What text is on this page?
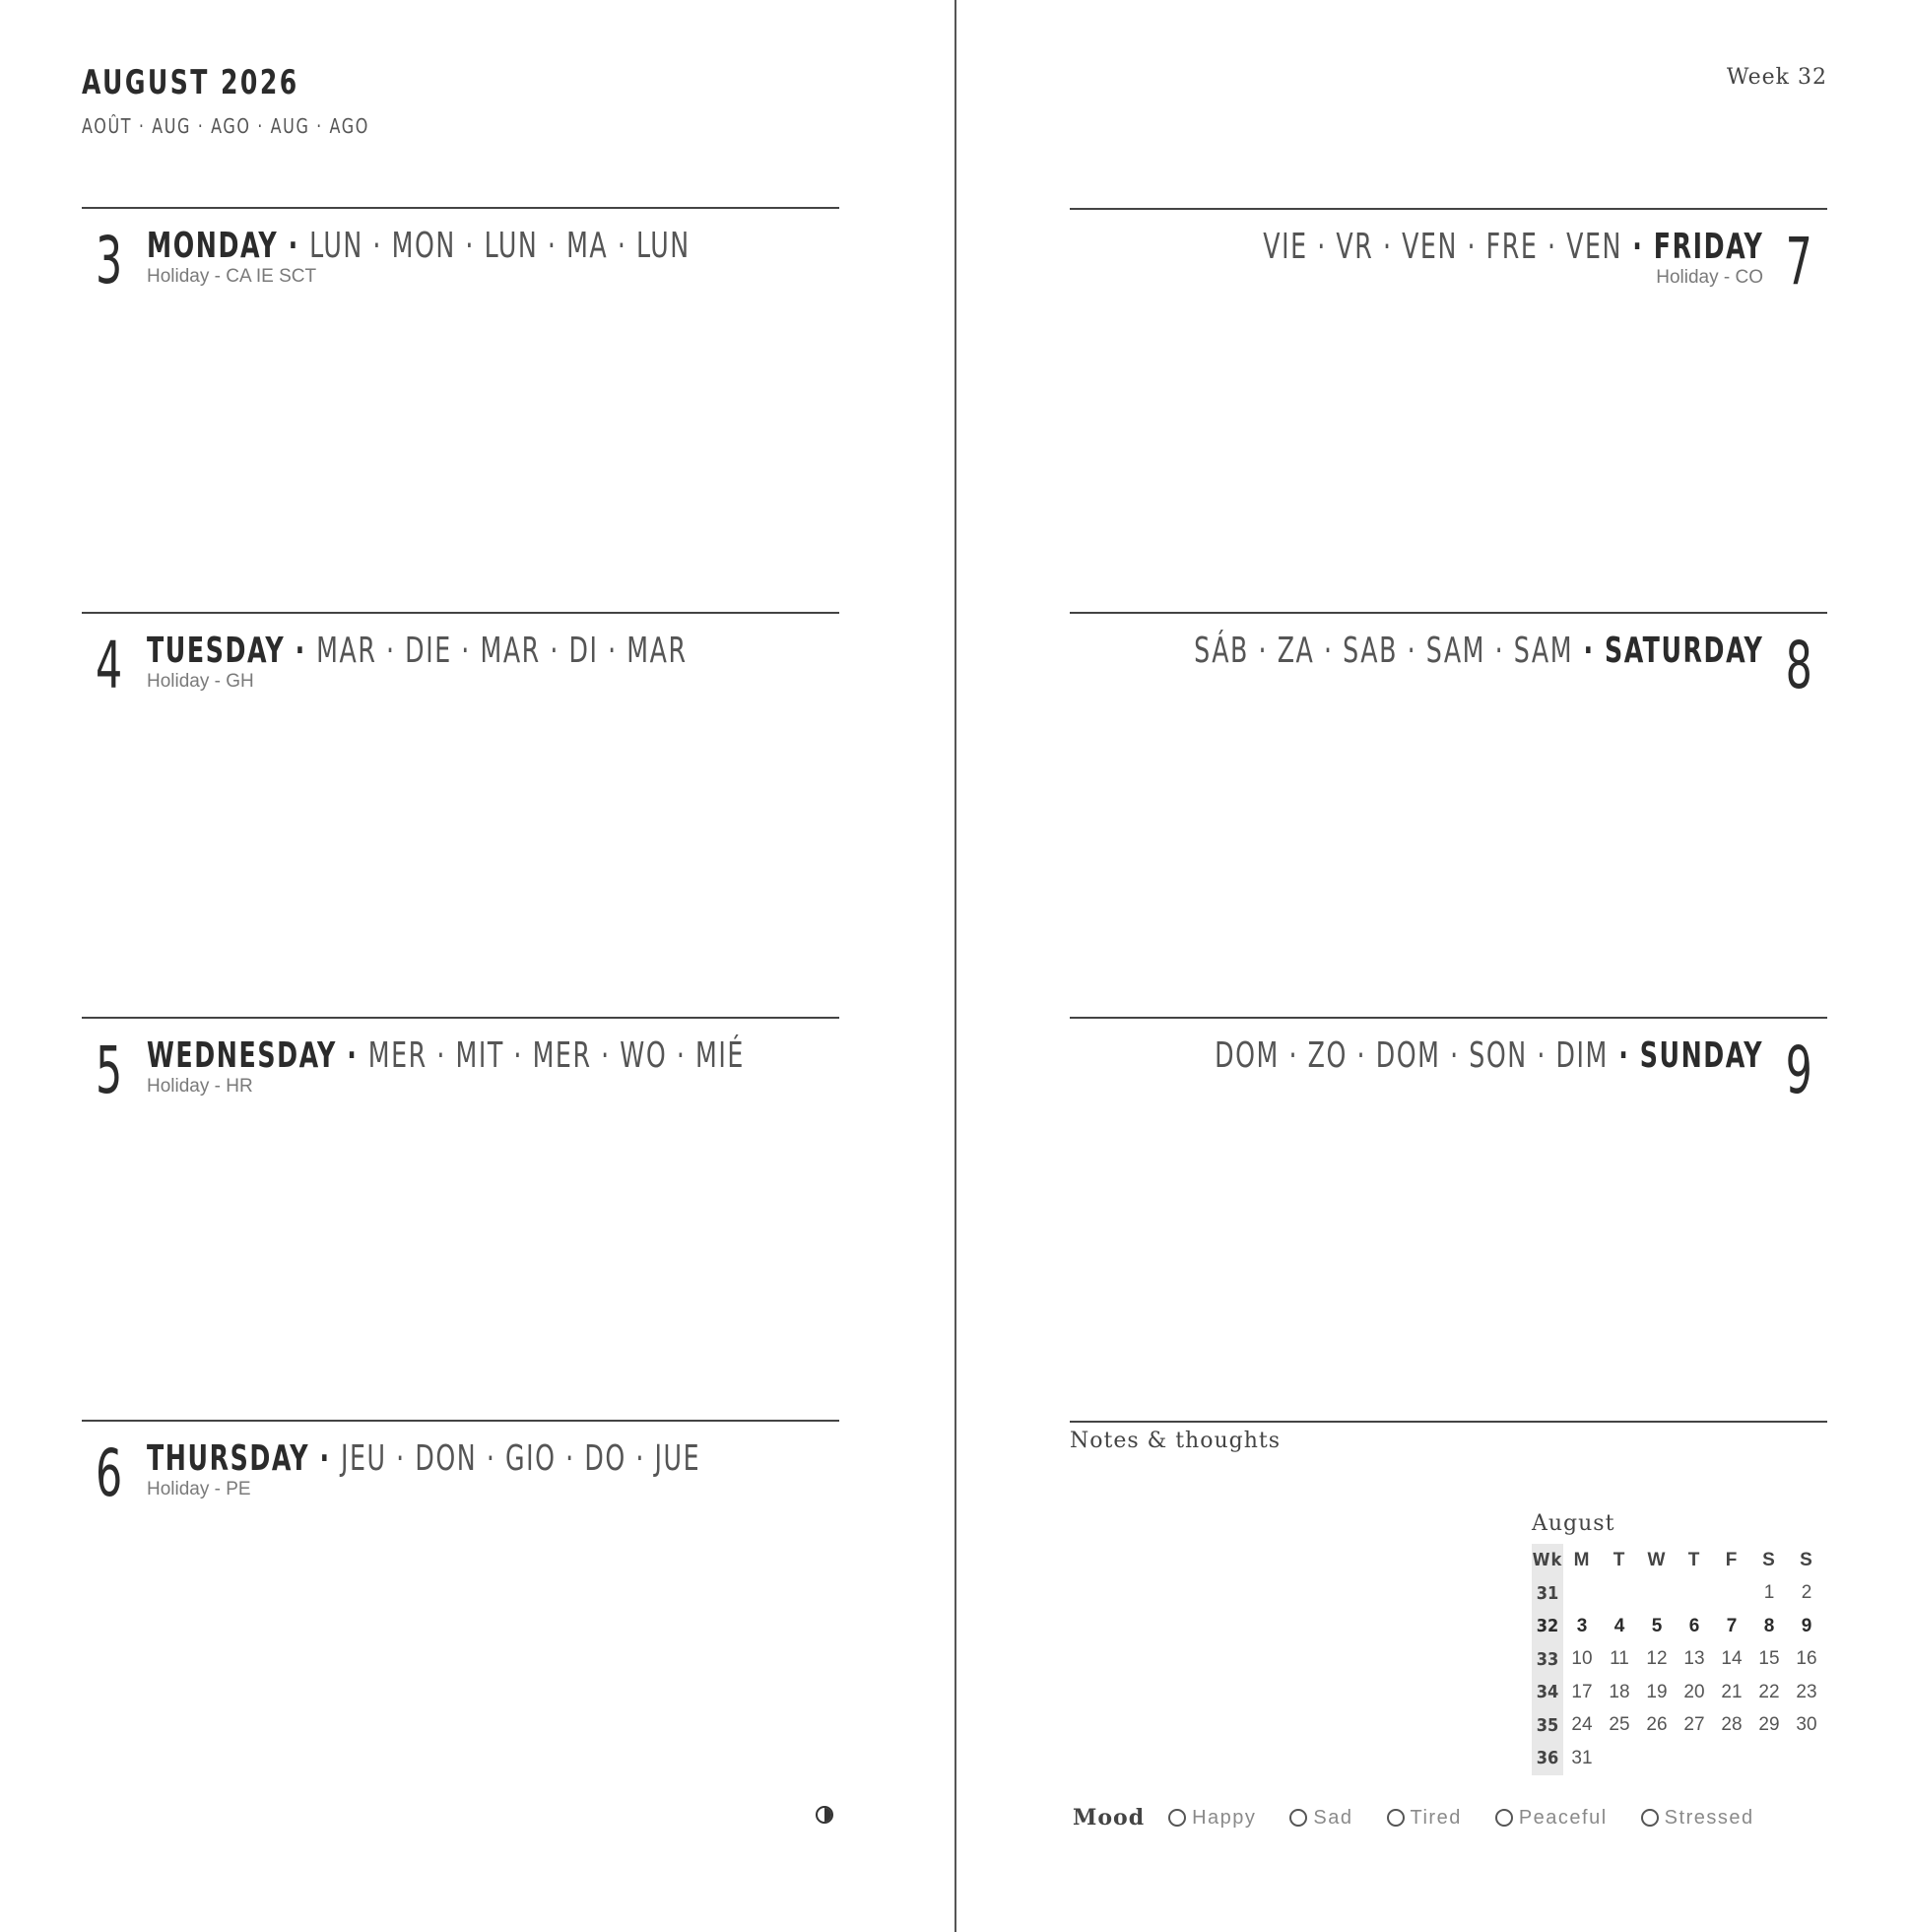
AUGUST 2026
AOÛT · AUG · AGO · AUG · AGO
Week 32
3 MONDAY · LUN · MON · LUN · MA · LUN
Holiday - CA IE SCT
4 TUESDAY · MAR · DIE · MAR · DI · MAR
Holiday - GH
5 WEDNESDAY · MER · MIT · MER · WO · MIÉ
Holiday - HR
6 THURSDAY · JEU · DON · GIO · DO · JUE
Holiday - PE
7
VIE · VR · VEN · FRE · VEN · FRIDAY
Holiday - CO
8
SÁB · ZA · SAB · SAM · SAM · SATURDAY
9
DOM · ZO · DOM · SON · DIM · SUNDAY
Notes & thoughts
August
Wk	M	T	W	T	F	S	S
31						1	2
32	3	4	5	6	7	8	9
33	10	11	12	13	14	15	16
34	17	18	19	20	21	22	23
35	24	25	26	27	28	29	30
36	31						
Mood Happy	Sad	Tired	Peaceful	Stressed
